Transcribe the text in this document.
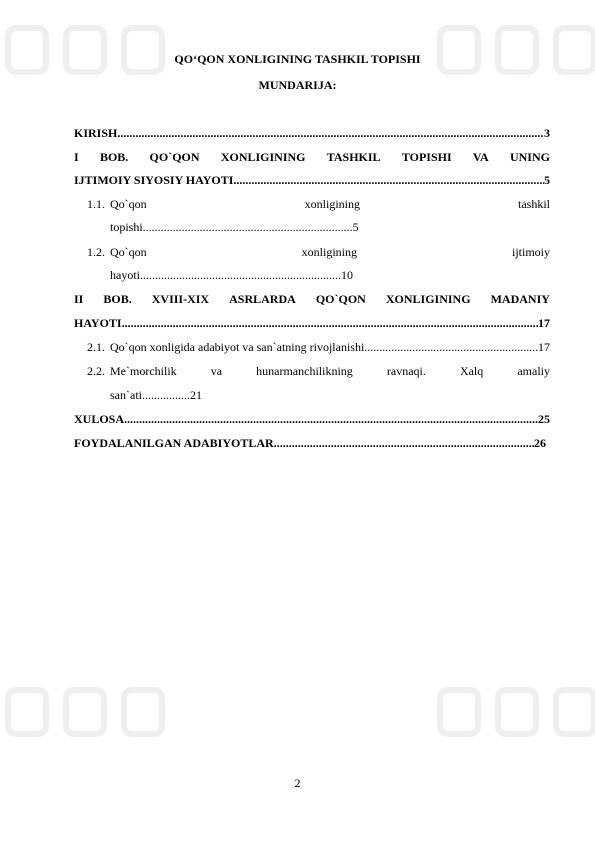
QO‘QON XONLIGINING TASHKIL TOPISHI
MUNDARIJA:
KIRISH .....	3
I BOB. QO`QON XONLIGINING TASHKIL TOPISHI VA UNING
IJTIMOIY SIYOSIY HAYOTI .....	5
1.1. Qo`qon	xonligining	tashkil
topishi......................................................................5
1.2. Qo`qon	xonligining	ijtimoiy
hayoti...................................................................10
II BOB. XVIII-XIX ASRLARDA QO`QON XONLIGINING MADANIY
HAYOTI .....	17
2.1. Qo`qon xonligida adabiyot va san`atning rivojlanishi .....	17
2.2. Me`morchilik	va	hunarmanchilikning	ravnaqi.	Xalq	amaliy
san`ati................21
XULOSA .....	25
FOYDALANILGAN ADABIYOTLAR .....	26
2
